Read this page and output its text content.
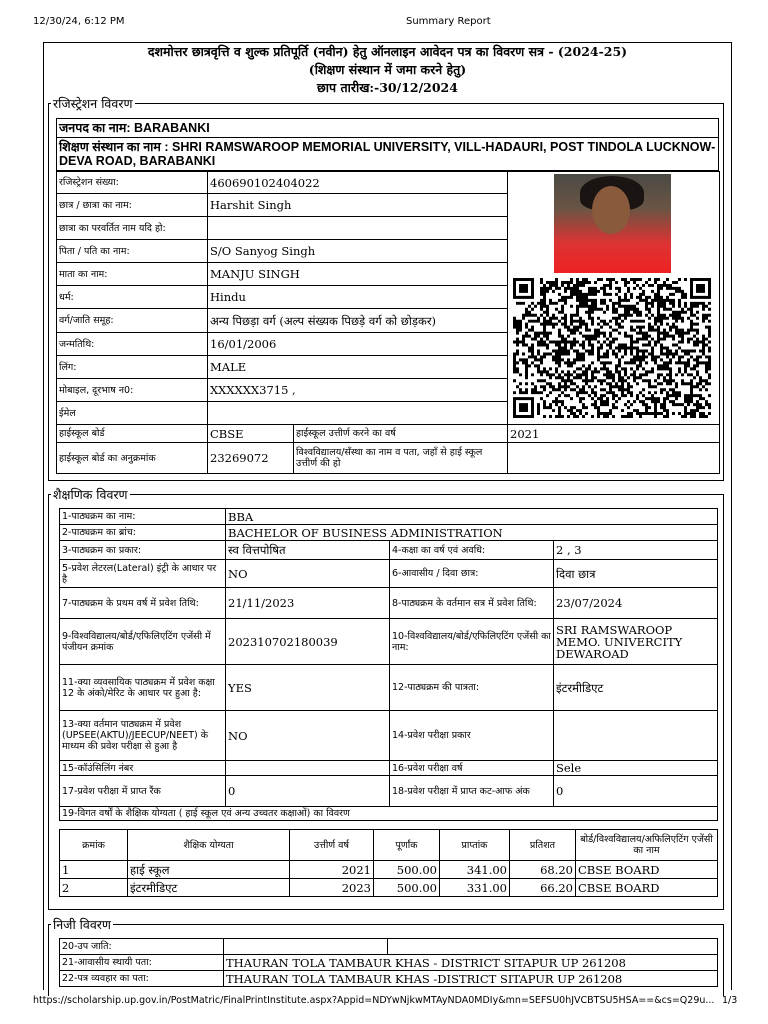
12/30/24, 6:12 PM	Summary Report
दशमोत्तर छात्रवृत्ति व शुल्क प्रतिपूर्ति (नवीन) हेतु ऑनलाइन आवेदन पत्र का विवरण सत्र - (2024-25)
(शिक्षण संस्थान में जमा करने हेतु)
छाप तारीख:-30/12/2024
रजिस्ट्रेशन विवरण
जनपद का नाम: BARABANKI
शिक्षण संस्थान का नाम : SHRI RAMSWAROOP MEMORIAL UNIVERSITY, VILL-HADAURI, POST TINDOLA LUCKNOW-DEVA ROAD, BARABANKI
रजिस्ट्रेशन संख्या:	460690102404022		
छात्र / छात्रा का नाम:	Harshit Singh		
छात्रा का परवर्तित नाम यदि हो:			
पिता / पति का नाम:	S/O Sanyog Singh		
माता का नाम:	MANJU SINGH		
धर्म:	Hindu		
वर्ग/जाति समूह:	अन्य पिछड़ा वर्ग (अल्प संख्यक पिछड़े वर्ग को छोड़कर)		
जन्मतिथि:	16/01/2006		
लिंग:	MALE		
मोबाइल, दूरभाष न0:	XXXXXX3715 ,		
ईमेल			
हाईस्कूल बोर्ड	CBSE	हाईस्कूल उत्तीर्ण करने का वर्ष	2021
हाईस्कूल बोर्ड का अनुक्रमांक	23269072	विश्वविद्यालय/सँस्था का नाम व पता, जहाँ से हाई स्कूल उत्तीर्ण की हो	
शैक्षणिक विवरण
1-पाठ्यक्रम का नाम:	BBA		
2-पाठ्यक्रम का ब्रांच:	BACHELOR OF BUSINESS ADMINISTRATION		
3-पाठ्यक्रम का प्रकार:	स्व वित्तपोषित	4-कक्षा का वर्ष एवं अवधि:	2 , 3
5-प्रवेश लेटरल(Lateral) इंट्री के आधार पर है	NO	6-आवासीय / दिवा छात्र:	दिवा छात्र
7-पाठ्यक्रम के प्रथम वर्ष में प्रवेश तिथि:	21/11/2023	8-पाठ्यक्रम के वर्तमान सत्र में प्रवेश तिथि:	23/07/2024
9-विश्वविद्यालय/बोर्ड/एफिलिएटिंग एजेंसी में पंजीयन क्रमांक	202310702180039	10-विश्वविद्यालय/बोर्ड/एफिलिएटिंग एजेंसी का नाम:	SRI RAMSWAROOP MEMO. UNIVERCITY DEWAROAD
11-क्या व्यवसायिक पाठ्यक्रम में प्रवेश कक्षा 12 के अंको/मेरिट के आधार पर हुआ है:	YES	12-पाठ्यक्रम की पात्रता:	इंटरमीडिएट
13-क्या वर्तमान पाठ्यक्रम में प्रवेश (UPSEE(AKTU)/JEECUP/NEET) के माध्यम की प्रवेश परीक्षा से हुआ है	NO	14-प्रवेश परीक्षा प्रकार	
15-कॉउंसिलिंग नंबर		16-प्रवेश परीक्षा वर्ष	Sele
17-प्रवेश परीक्षा में प्राप्त रैंक	0	18-प्रवेश परीक्षा में प्राप्त कट-आफ अंक	0
19-विगत वर्षों के शैक्षिक योग्यता ( हाई स्कूल एवं अन्य उच्चतर कक्षाओं) का विवरण			
क्रमांक	शैक्षिक योग्यता	उत्तीर्ण वर्ष	पूर्णांक	प्राप्तांक	प्रतिशत	बोर्ड/विश्वविद्यालय/अफिलिएटिंग एजेंसी का नाम
1	हाई स्कूल	2021	500.00	341.00	68.20	CBSE BOARD
2	इंटरमीडिएट	2023	500.00	331.00	66.20	CBSE BOARD
निजी विवरण
20-उप जाति:		
21-आवासीय स्थायी पता:	THAURAN TOLA TAMBAUR KHAS - DISTRICT SITAPUR UP 261208	
22-पत्र व्यवहार का पता:	THAURAN TOLA TAMBAUR KHAS -DISTRICT SITAPUR UP 261208	
https://scholarship.up.gov.in/PostMatric/FinalPrintInstitute.aspx?Appid=NDYwNjkwMTAyNDA0MDIy&mn=SEFSU0hJVCBTSU5HSA==&cs=Q29u... 1/3
